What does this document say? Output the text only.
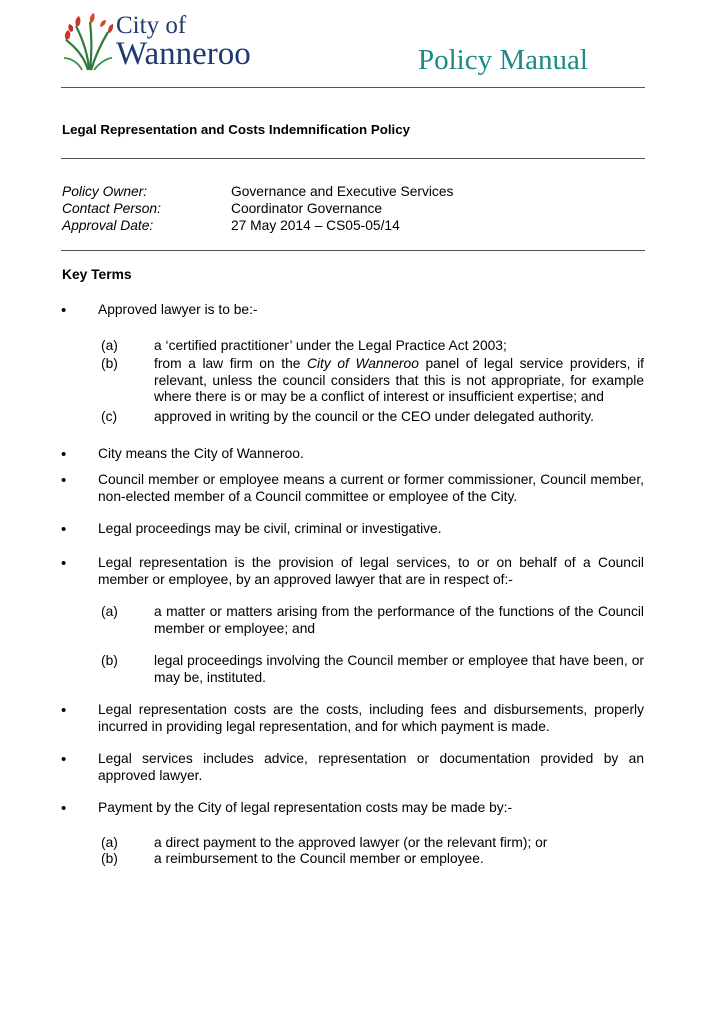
City of
Wanneroo	Policy Manual
Legal Representation and Costs Indemnification Policy
Policy Owner:	Governance and Executive Services
Contact Person:	Coordinator Governance
Approval Date:	27 May 2014 – CS05-05/14
Key Terms
• Approved lawyer is to be:-
(a)	a ‘certified practitioner’ under the Legal Practice Act 2003;
(b)	from a law firm on the City of Wanneroo panel of legal service providers, if relevant, unless the council considers that this is not appropriate, for example where there is or may be a conflict of interest or insufficient expertise; and
(c)	approved in writing by the council or the CEO under delegated authority.
• City means the City of Wanneroo.
• Council member or employee means a current or former commissioner, Council member, non-elected member of a Council committee or employee of the City.
• Legal proceedings may be civil, criminal or investigative.
• Legal representation is the provision of legal services, to or on behalf of a Council member or employee, by an approved lawyer that are in respect of:-
(a)	a matter or matters arising from the performance of the functions of the Council member or employee; and
(b)	legal proceedings involving the Council member or employee that have been, or may be, instituted.
• Legal representation costs are the costs, including fees and disbursements, properly incurred in providing legal representation, and for which payment is made.
• Legal services includes advice, representation or documentation provided by an approved lawyer.
• Payment by the City of legal representation costs may be made by:-
(a)	a direct payment to the approved lawyer (or the relevant firm); or
(b)	a reimbursement to the Council member or employee.
